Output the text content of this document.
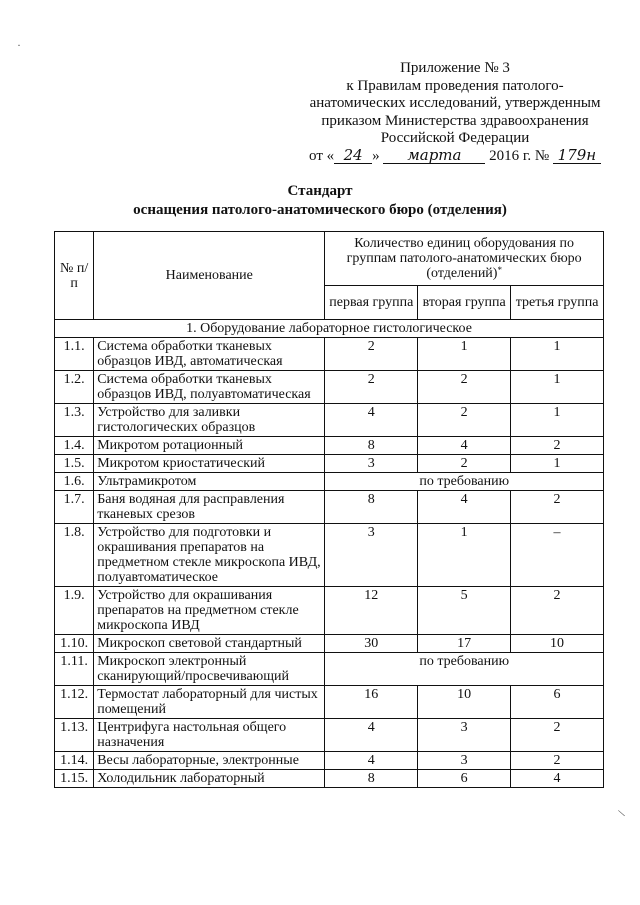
·
\
Приложение № 3
к Правилам проведения патолого-
анатомических исследований, утвержденным
приказом Министерства здравоохранения
Российской Федерации
от « 24 » марта 2016 г. № 179н
Стандарт
оснащения патолого-анатомического бюро (отделения)
№ п/п	Наименование	Количество единиц оборудования по группам патолого-анатомических бюро (отделений)*
		первая группа	вторая группа	третья группа
1. Оборудование лабораторное гистологическое				
1.1.	Система обработки тканевых образцов ИВД, автоматическая	2	1	1
1.2.	Система обработки тканевых образцов ИВД, полуавтоматическая	2	2	1
1.3.	Устройство для заливки гистологических образцов	4	2	1
1.4.	Микротом ротационный	8	4	2
1.5.	Микротом криостатический	3	2	1
1.6.	Ультрамикротом	по требованию		
1.7.	Баня водяная для расправления тканевых срезов	8	4	2
1.8.	Устройство для подготовки и окрашивания препаратов на предметном стекле микроскопа ИВД, полуавтоматическое	3	1	–
1.9.	Устройство для окрашивания препаратов на предметном стекле микроскопа ИВД	12	5	2
1.10.	Микроскоп световой стандартный	30	17	10
1.11.	Микроскоп электронный сканирующий/просвечивающий	по требованию		
1.12.	Термостат лабораторный для чистых помещений	16	10	6
1.13.	Центрифуга настольная общего назначения	4	3	2
1.14.	Весы лабораторные, электронные	4	3	2
1.15.	Холодильник лабораторный	8	6	4
